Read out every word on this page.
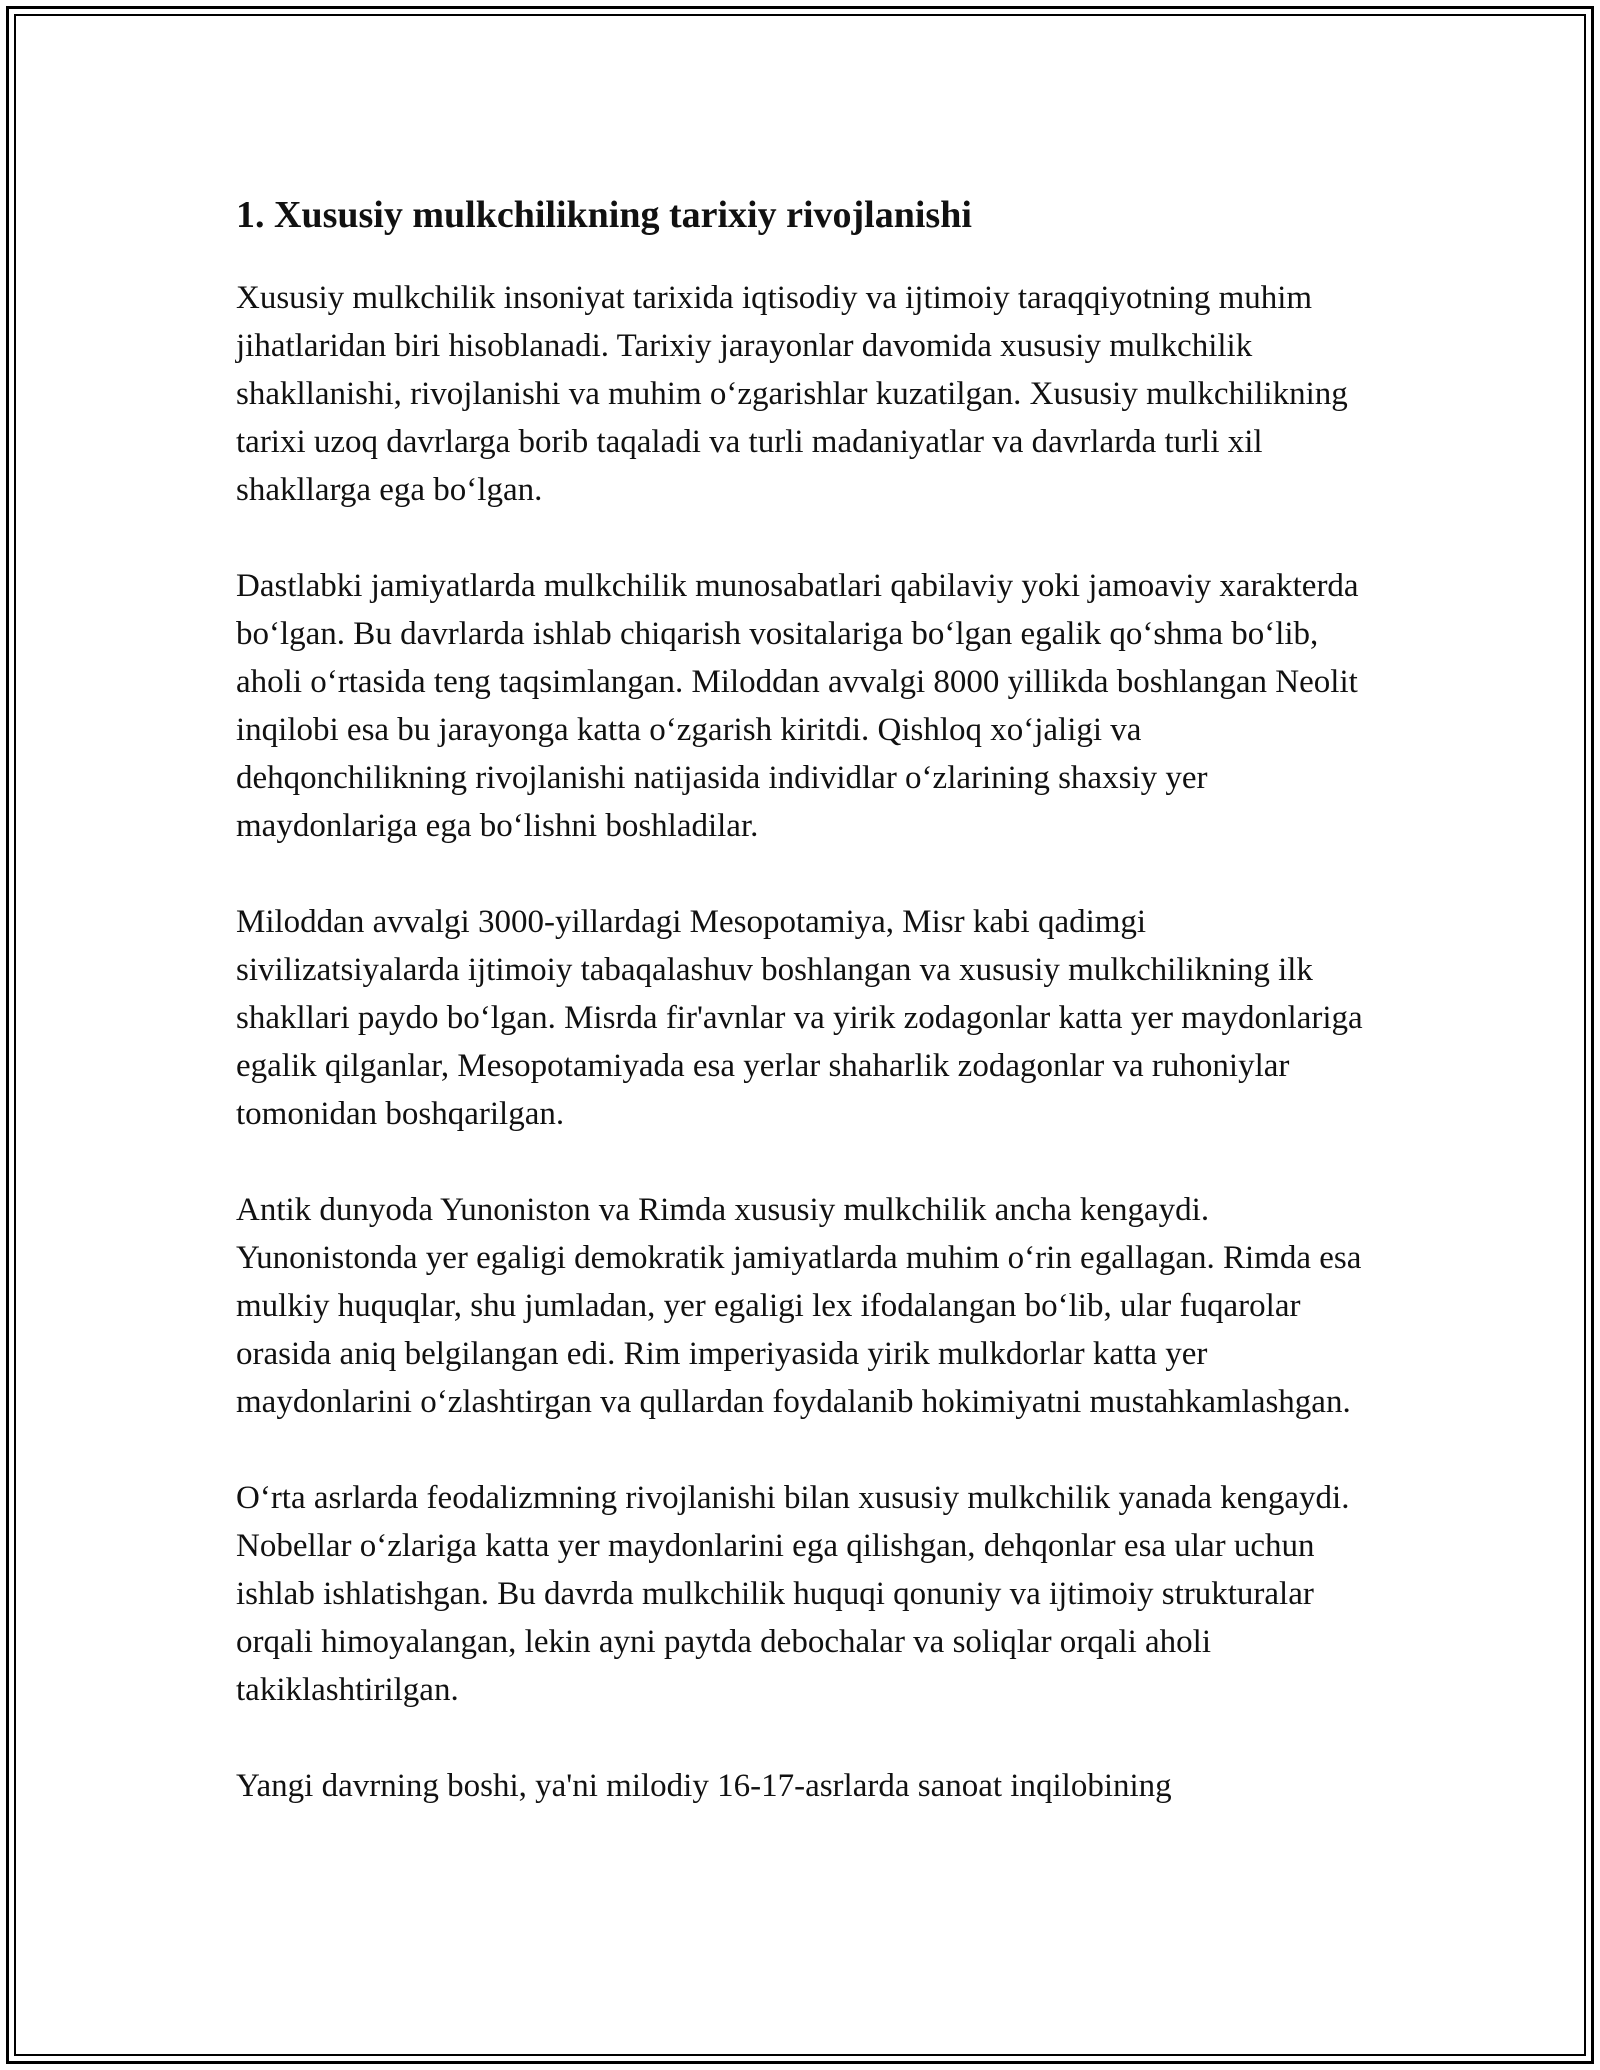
1. Xususiy mulkchilikning tarixiy rivojlanishi

Xususiy mulkchilik insoniyat tarixida iqtisodiy va ijtimoiy taraqqiyotning muhim jihatlaridan biri hisoblanadi. Tarixiy jarayonlar davomida xususiy mulkchilik shakllanishi, rivojlanishi va muhim o‘zgarishlar kuzatilgan. Xususiy mulkchilikning tarixi uzoq davrlarga borib taqaladi va turli madaniyatlar va davrlarda turli xil shakllarga ega bo‘lgan.

Dastlabki jamiyatlarda mulkchilik munosabatlari qabilaviy yoki jamoaviy xarakterda bo‘lgan. Bu davrlarda ishlab chiqarish vositalariga bo‘lgan egalik qo‘shma bo‘lib, aholi o‘rtasida teng taqsimlangan. Miloddan avvalgi 8000 yillikda boshlangan Neolit inqilobi esa bu jarayonga katta o‘zgarish kiritdi. Qishloq xo‘jaligi va dehqonchilikning rivojlanishi natijasida individlar o‘zlarining shaxsiy yer maydonlariga ega bo‘lishni boshladilar.

Miloddan avvalgi 3000-yillardagi Mesopotamiya, Misr kabi qadimgi sivilizatsiyalarda ijtimoiy tabaqalashuv boshlangan va xususiy mulkchilikning ilk shakllari paydo bo‘lgan. Misrda fir'avnlar va yirik zodagonlar katta yer maydonlariga egalik qilganlar, Mesopotamiyada esa yerlar shaharlik zodagonlar va ruhoniylar tomonidan boshqarilgan.

Antik dunyoda Yunoniston va Rimda xususiy mulkchilik ancha kengaydi. Yunonistonda yer egaligi demokratik jamiyatlarda muhim o‘rin egallagan. Rimda esa mulkiy huquqlar, shu jumladan, yer egaligi lex ifodalangan bo‘lib, ular fuqarolar orasida aniq belgilangan edi. Rim imperiyasida yirik mulkdorlar katta yer maydonlarini o‘zlashtirgan va qullardan foydalanib hokimiyatni mustahkamlashgan.

O‘rta asrlarda feodalizmning rivojlanishi bilan xususiy mulkchilik yanada kengaydi. Nobellar o‘zlariga katta yer maydonlarini ega qilishgan, dehqonlar esa ular uchun ishlab ishlatishgan. Bu davrda mulkchilik huquqi qonuniy va ijtimoiy strukturalar orqali himoyalangan, lekin ayni paytda debochalar va soliqlar orqali aholi takiklashtirilgan.

Yangi davrning boshi, ya'ni milodiy 16-17-asrlarda sanoat inqilobining
